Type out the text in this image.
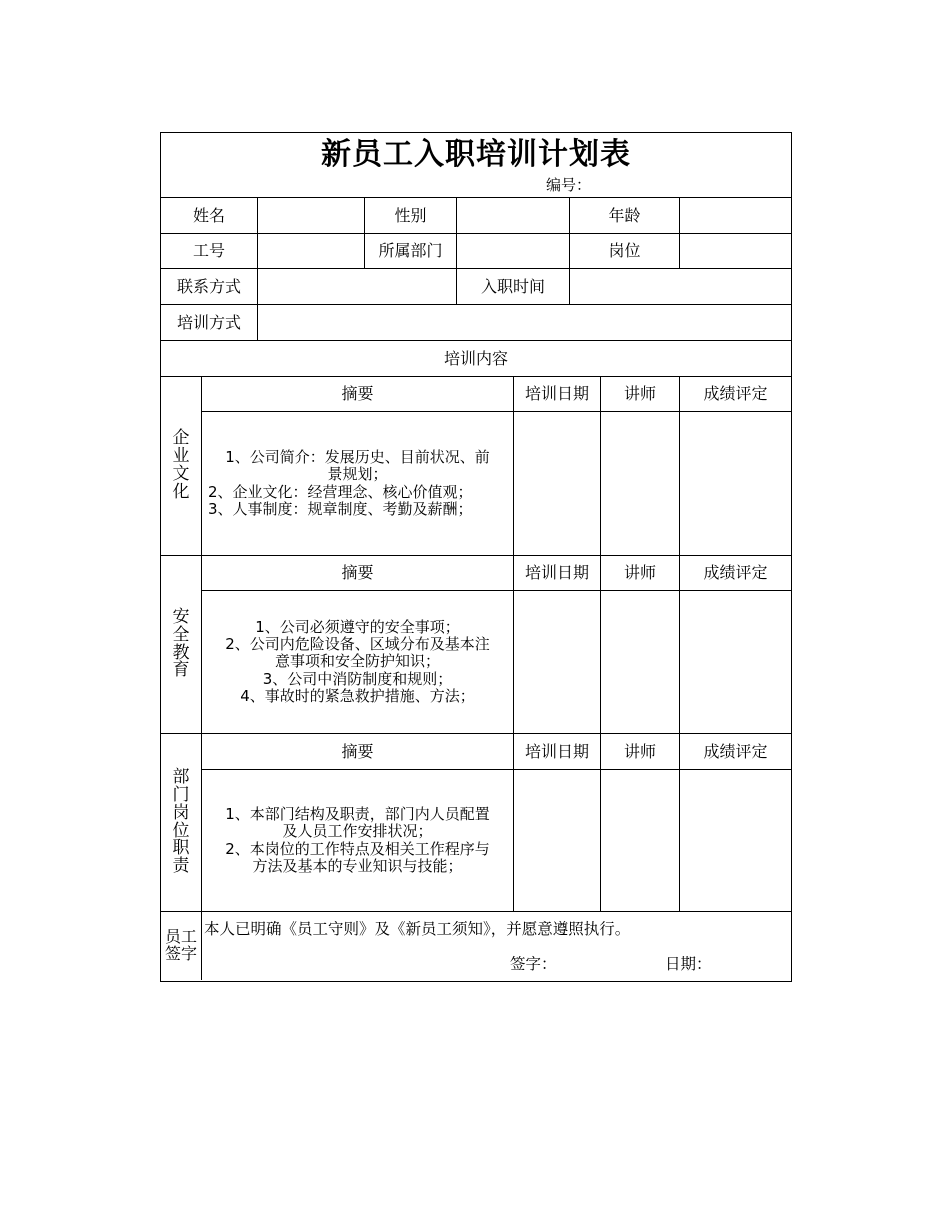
新员工入职培训计划表
编号：
姓名	性别	年龄
工号	所属部门	岗位
联系方式	入职时间
培训方式
培训内容
企
业
文
化
摘要	培训日期	讲师	成绩评定
1、公司简介：发展历史、目前状况、前
景规划；
2、企业文化：经营理念、核心价值观；
3、人事制度：规章制度、考勤及薪酬；
安
全
教
育
摘要	培训日期	讲师	成绩评定
1、公司必须遵守的安全事项；
2、公司内危险设备、区域分布及基本注
意事项和安全防护知识；
3、公司中消防制度和规则；
4、事故时的紧急救护措施、方法；
部
门
岗
位
职
责
摘要	培训日期	讲师	成绩评定
1、本部门结构及职责，部门内人员配置
及人员工作安排状况；
2、本岗位的工作特点及相关工作程序与
方法及基本的专业知识与技能；
员工
签字
本人已明确《员工守则》及《新员工须知》，并愿意遵照执行。
签字：	日期：
